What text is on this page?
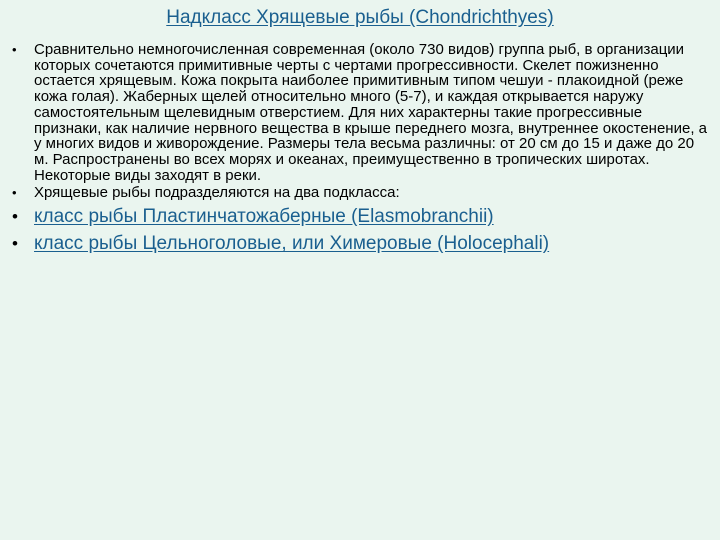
Надкласс Хрящевые рыбы (Chondrichthyes)
•	Сравнительно немногочисленная современная (около 730 видов) группа рыб, в организации которых сочетаются примитивные черты с чертами прогрессивности. Скелет пожизненно остается хрящевым. Кожа покрыта наиболее примитивным типом чешуи - плакоидной (реже кожа голая). Жаберных щелей относительно много (5-7), и каждая открывается наружу самостоятельным щелевидным отверстием. Для них характерны такие прогрессивные признаки, как наличие нервного вещества в крыше переднего мозга, внутреннее окостенение, а у многих видов и живорождение. Размеры тела весьма различны: от 20 см до 15 и даже до 20 м. Распространены во всех морях и океанах, преимущественно в тропических широтах. Некоторые виды заходят в реки.
•	Хрящевые рыбы подразделяются на два подкласса:
• класс рыбы Пластинчатожаберные (Elasmobranchii)
• класс рыбы Цельноголовые, или Химеровые (Holocephali)
